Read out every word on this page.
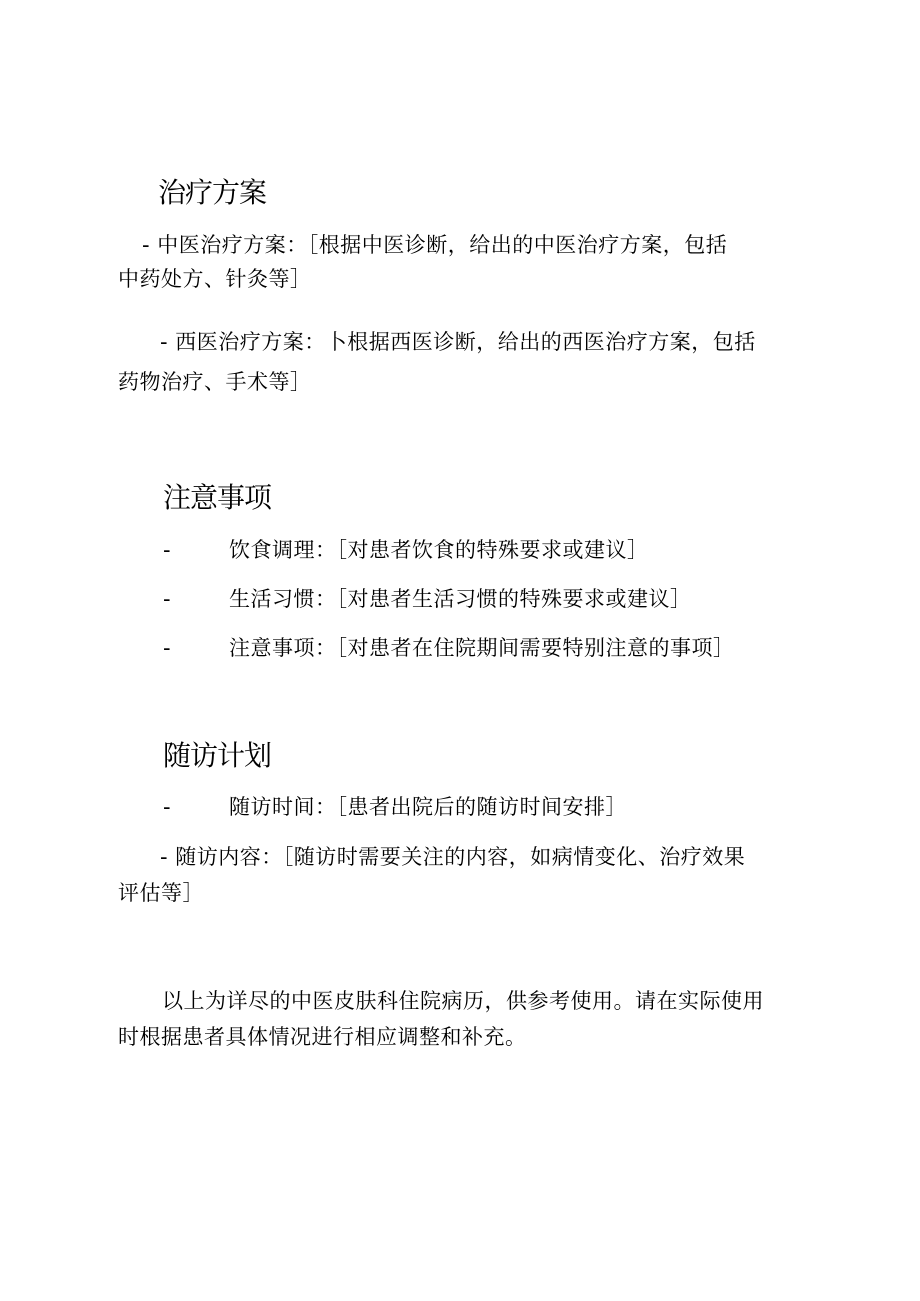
治疗方案
- 中医治疗方案：［根据中医诊断，给出的中医治疗方案，包括
中药处方、针灸等］
- 西医治疗方案：卜根据西医诊断，给出的西医治疗方案，包括
药物治疗、手术等］
注意事项
-	饮食调理：［对患者饮食的特殊要求或建议］
-	生活习惯：［对患者生活习惯的特殊要求或建议］
-	注意事项：［对患者在住院期间需要特别注意的事项］
随访计划
-	随访时间：［患者出院后的随访时间安排］
- 随访内容：［随访时需要关注的内容，如病情变化、治疗效果
评估等］
以上为详尽的中医皮肤科住院病历，供参考使用。请在实际使用
时根据患者具体情况进行相应调整和补充。
